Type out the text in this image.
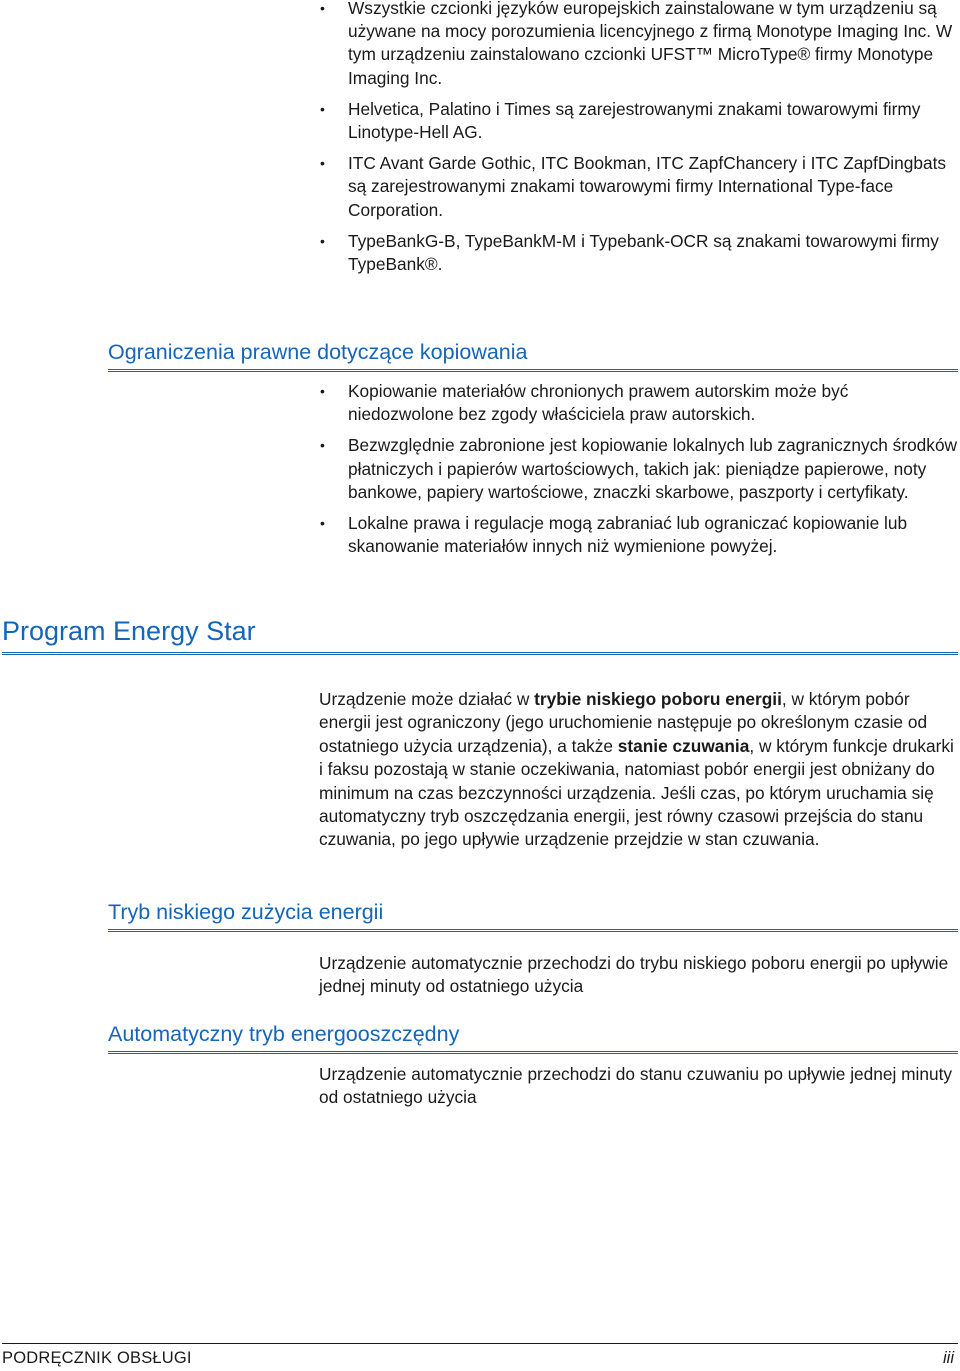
• Wszystkie czcionki języków europejskich zainstalowane w tym urządzeniu są używane na mocy porozumienia licencyjnego z firmą Monotype Imaging Inc. W tym urządzeniu zainstalowano czcionki UFST™ MicroType® firmy Monotype Imaging Inc.
• Helvetica, Palatino i Times są zarejestrowanymi znakami towarowymi firmy Linotype-Hell AG.
• ITC Avant Garde Gothic, ITC Bookman, ITC ZapfChancery i ITC ZapfDingbats są zarejestrowanymi znakami towarowymi firmy International Type-face Corporation.
• TypeBankG-B, TypeBankM-M i Typebank-OCR są znakami towarowymi firmy TypeBank®.
Ograniczenia prawne dotyczące kopiowania
• Kopiowanie materiałów chronionych prawem autorskim może być niedozwolone bez zgody właściciela praw autorskich.
• Bezwzględnie zabronione jest kopiowanie lokalnych lub zagranicznych środków płatniczych i papierów wartościowych, takich jak: pieniądze papierowe, noty bankowe, papiery wartościowe, znaczki skarbowe, paszporty i certyfikaty.
• Lokalne prawa i regulacje mogą zabraniać lub ograniczać kopiowanie lub skanowanie materiałów innych niż wymienione powyżej.
Program Energy Star

Urządzenie może działać w trybie niskiego poboru energii, w którym pobór energii jest ograniczony (jego uruchomienie następuje po określonym czasie od ostatniego użycia urządzenia), a także stanie czuwania, w którym funkcje drukarki i faksu pozostają w stanie oczekiwania, natomiast pobór energii jest obniżany do minimum na czas bezczynności urządzenia. Jeśli czas, po którym uruchamia się automatyczny tryb oszczędzania energii, jest równy czasowi przejścia do stanu czuwania, po jego upływie urządzenie przejdzie w stan czuwania.

Tryb niskiego zużycia energii

Urządzenie automatycznie przechodzi do trybu niskiego poboru energii po upływie jednej minuty od ostatniego użycia

Automatyczny tryb energooszczędny

Urządzenie automatycznie przechodzi do stanu czuwaniu po upływie jednej minuty od ostatniego użycia

PODRĘCZNIK OBSŁUGI	iii
